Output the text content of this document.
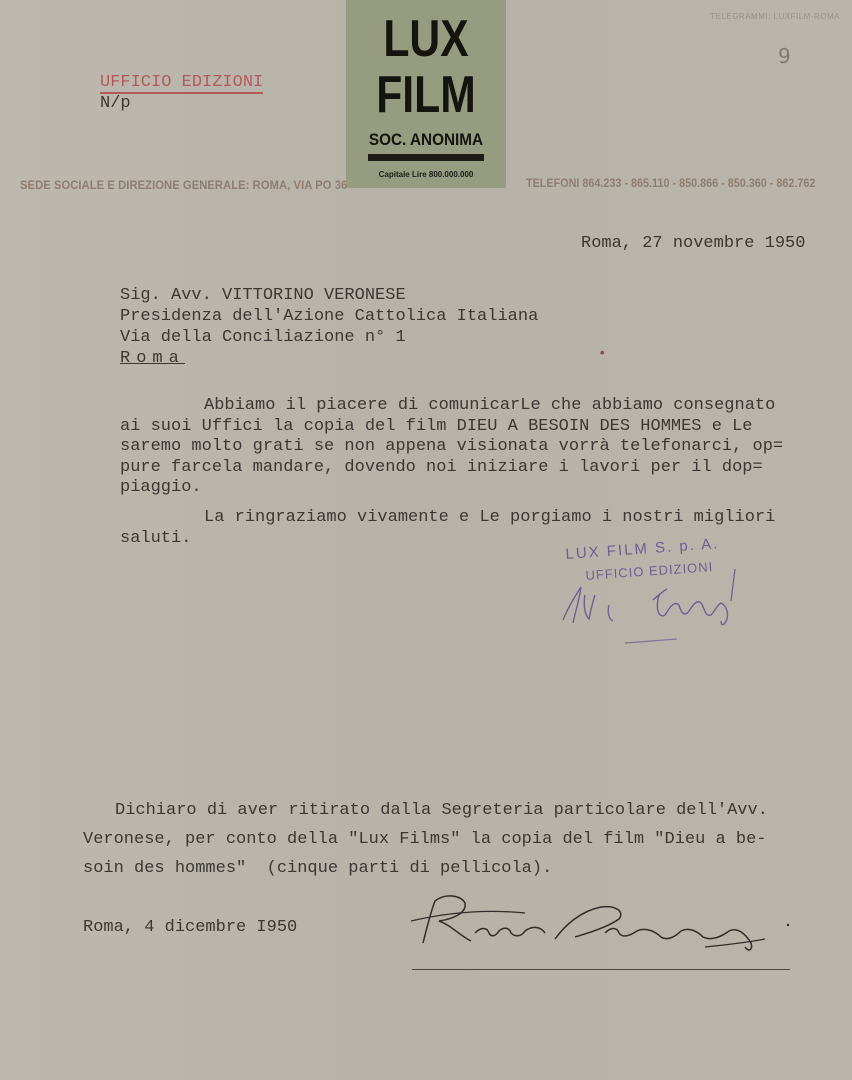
TELEGRAMMI: LUXFILM-ROMA
9
UFFICIO EDIZIONI
N/p
LUX
FILM
SOC. ANONIMA
Capitale Lire 800.000.000
SEDE SOCIALE E DIREZIONE GENERALE: ROMA, VIA PO 36	TELEFONI 864.233 - 865.110 - 850.866 - 850.360 - 862.762
Roma, 27 novembre 1950
Sig. Avv. VITTORINO VERONESE
Presidenza dell'Azione Cattolica Italiana
Via della Conciliazione n° 1
Roma	•
Abbiamo il piacere di comunicarLe che abbiamo consegnato
ai suoi Uffici la copia del film DIEU A BESOIN DES HOMMES e Le
saremo molto grati se non appena visionata vorrà telefonarci, op=
pure farcela mandare, dovendo noi iniziare i lavori per il dop=
piaggio.
La ringraziamo vivamente e Le porgiamo i nostri migliori
saluti.	LUX FILM S. p. A.
UFFICIO EDIZIONI
Dichiaro di aver ritirato dalla Segreteria particolare dell'Avv.
Veronese, per conto della "Lux Films" la copia del film "Dieu a be-
soin des hommes"  (cinque parti di pellicola).
Roma, 4 dicembre I950
